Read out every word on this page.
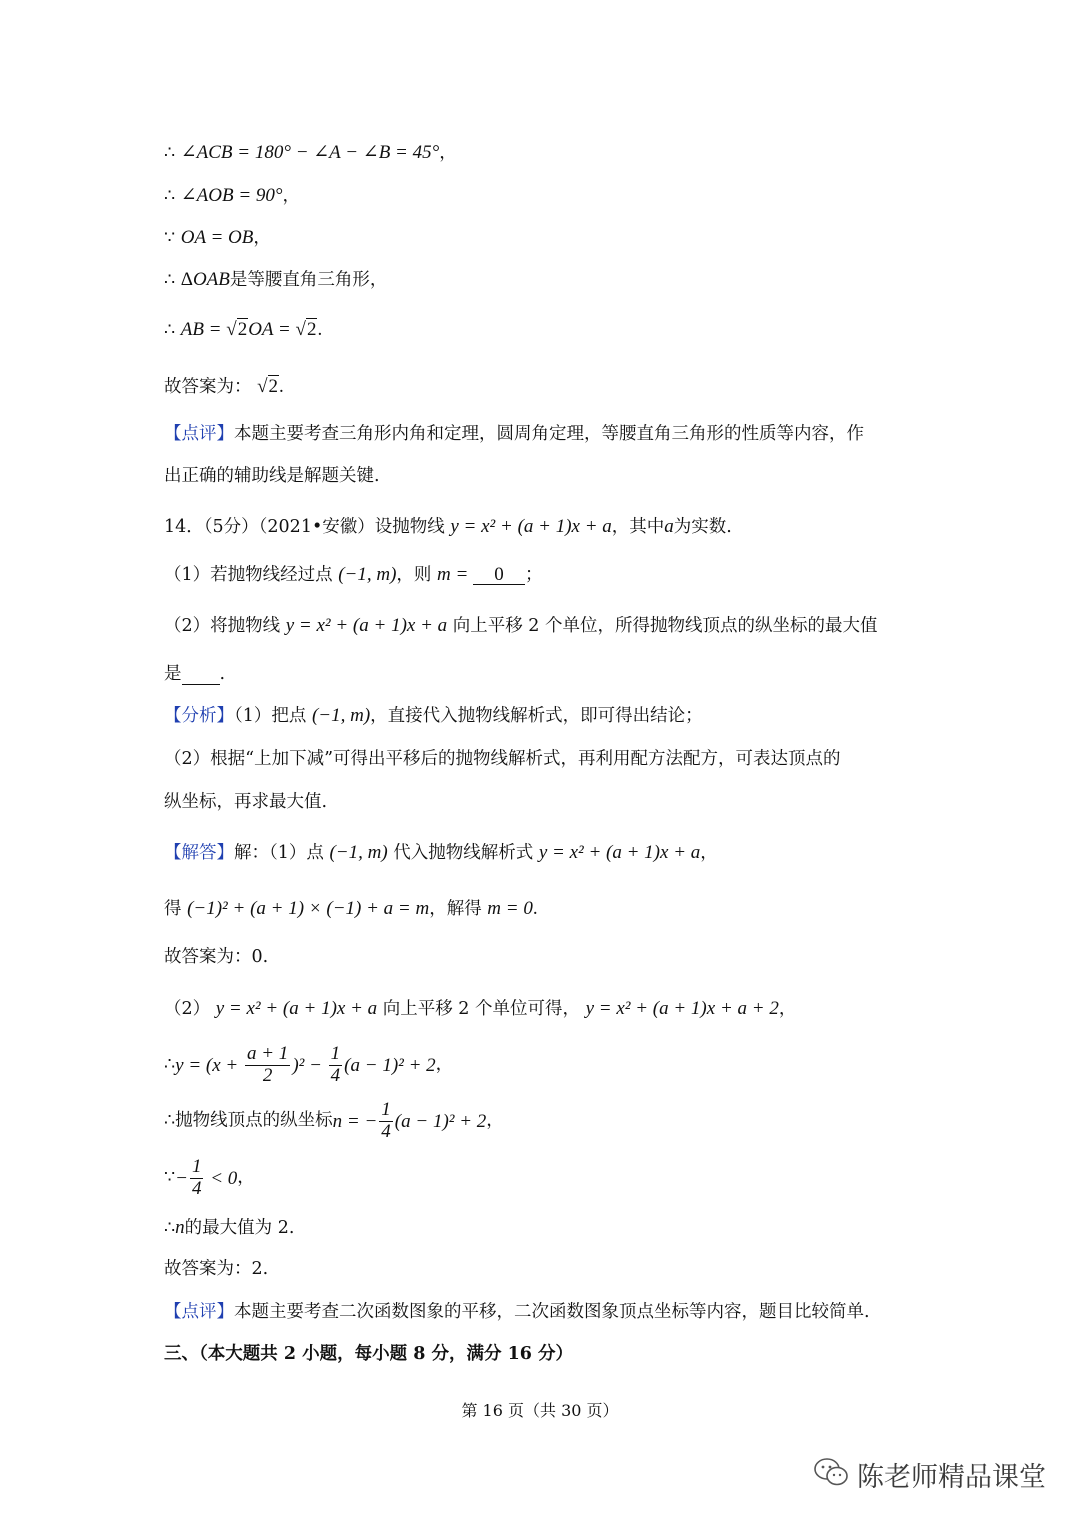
∴ ∠ACB = 180° − ∠A − ∠B = 45°，
∴ ∠AOB = 90°，
∵ OA = OB，
∴ ΔOAB是等腰直角三角形，
∴ AB = √2OA = √2.
故答案为： √2.
【点评】本题主要考查三角形内角和定理，圆周角定理，等腰直角三角形的性质等内容，作
出正确的辅助线是解题关键.
14．（5分）（2021•安徽）设抛物线 y = x² + (a + 1)x + a，其中a为实数.
（1）若抛物线经过点 (−1, m)，则 m = 0 ；
（2）将抛物线 y = x² + (a + 1)x + a 向上平移 2 个单位，所得抛物线顶点的纵坐标的最大值
是 .
【分析】（1）把点 (−1, m)，直接代入抛物线解析式，即可得出结论；
（2）根据“上加下减”可得出平移后的抛物线解析式，再利用配方法配方，可表达顶点的
纵坐标，再求最大值.
【解答】解：（1）点 (−1, m) 代入抛物线解析式 y = x² + (a + 1)x + a，
得 (−1)² + (a + 1) × (−1) + a = m，解得 m = 0.
故答案为：0.
（2） y = x² + (a + 1)x + a 向上平移 2 个单位可得， y = x² + (a + 1)x + a + 2，
∴y = $(x + \frac{a + 1}{2} )^2 - \frac{1}{4} (a - 1)^2 + 2$，
∴抛物线顶点的纵坐标n = − $\frac{1}{4} (a - 1)^2 + 2$，
∵− $\frac{1}{4} < 0$，
∴n的最大值为 2.
故答案为：2.
【点评】本题主要考查二次函数图象的平移，二次函数图象顶点坐标等内容，题目比较简单.
三、（本大题共 2 小题，每小题 8 分，满分 16 分）
第 16 页（共 30 页）
陈老师精品课堂
